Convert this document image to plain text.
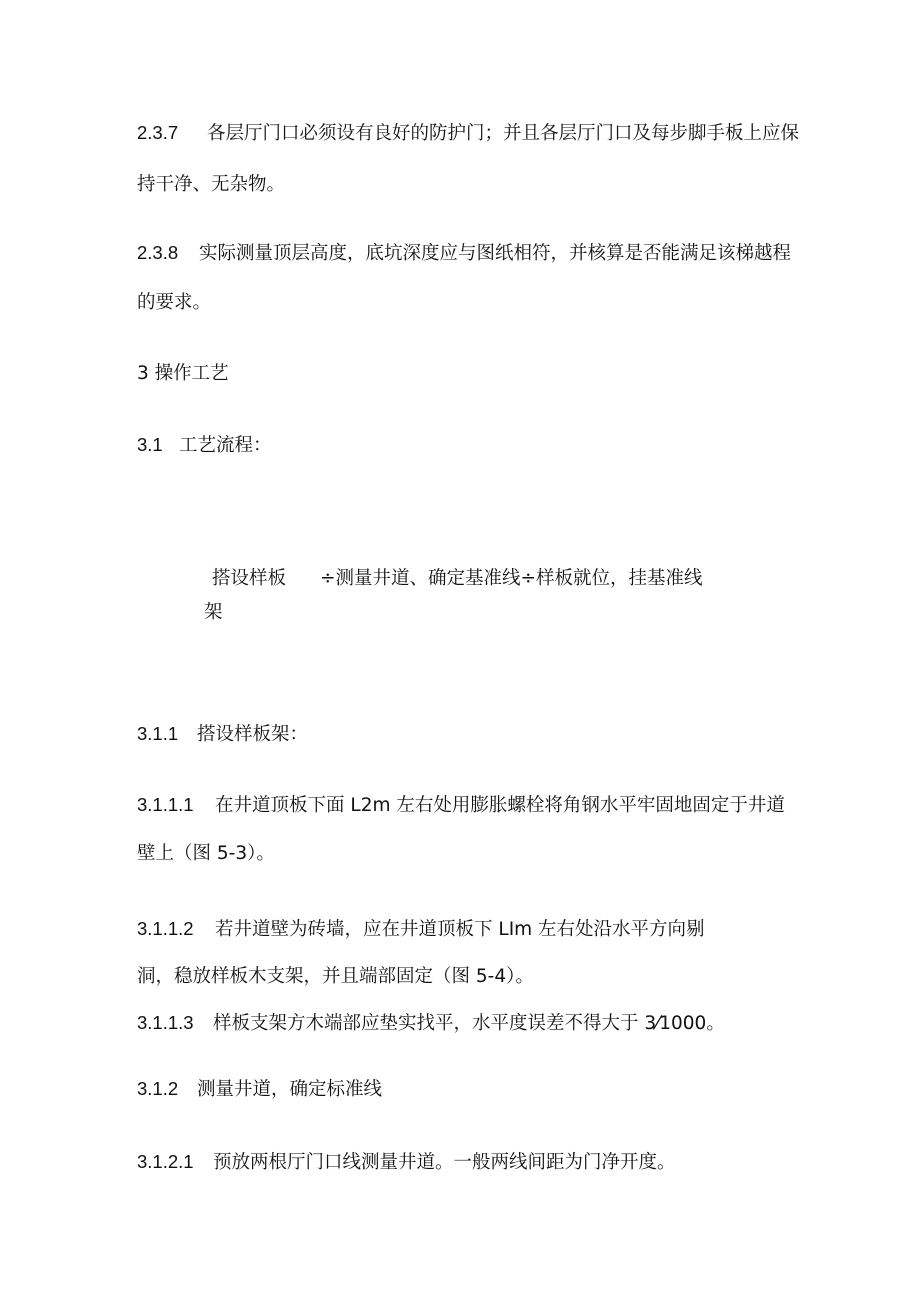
2.3.7 各层厅门口必须设有良好的防护门；并且各层厅门口及每步脚手板上应保
持干净、无杂物。
2.3.8 实际测量顶层高度，底坑深度应与图纸相符，并核算是否能满足该梯越程
的要求。
3 操作工艺
3.1 工艺流程：
搭设样板
架
÷测量井道、确定基准线÷样板就位，挂基准线
3.1.1 搭设样板架：
3.1.1.1 在井道顶板下面 L2m 左右处用膨胀螺栓将角钢水平牢固地固定于井道
壁上（图 5-3）。
3.1.1.2 若井道壁为砖墙，应在井道顶板下 LIm 左右处沿水平方向剔
洞，稳放样板木支架，并且端部固定（图 5-4）。
3.1.1.3 样板支架方木端部应垫实找平，水平度误差不得大于 3⁄1000。
3.1.2 测量井道，确定标准线
3.1.2.1 预放两根厅门口线测量井道。一般两线间距为门净开度。
